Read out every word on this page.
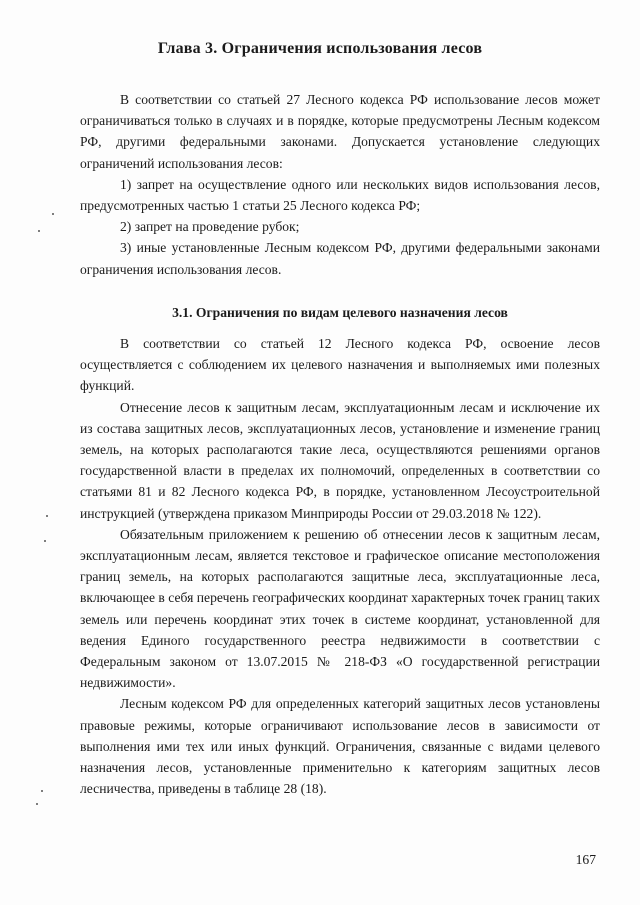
Глава 3. Ограничения использования лесов

В соответствии со статьей 27 Лесного кодекса РФ использование лесов может ограничиваться только в случаях и в порядке, которые предусмотрены Лесным кодексом РФ, другими федеральными законами. Допускается установление следующих ограничений использования лесов:

1) запрет на осуществление одного или нескольких видов использования лесов, предусмотренных частью 1 статьи 25 Лесного кодекса РФ;

2) запрет на проведение рубок;

3) иные установленные Лесным кодексом РФ, другими федеральными законами ограничения использования лесов.

3.1. Ограничения по видам целевого назначения лесов

В соответствии со статьей 12 Лесного кодекса РФ, освоение лесов осуществляется с соблюдением их целевого назначения и выполняемых ими полезных функций.

Отнесение лесов к защитным лесам, эксплуатационным лесам и исключение их из состава защитных лесов, эксплуатационных лесов, установление и изменение границ земель, на которых располагаются такие леса, осуществляются решениями органов государственной власти в пределах их полномочий, определенных в соответствии со статьями 81 и 82 Лесного кодекса РФ, в порядке, установленном Лесоустроительной инструкцией (утверждена приказом Минприроды России от 29.03.2018 № 122).

Обязательным приложением к решению об отнесении лесов к защитным лесам, эксплуатационным лесам, является текстовое и графическое описание местоположения границ земель, на которых располагаются защитные леса, эксплуатационные леса, включающее в себя перечень географических координат характерных точек границ таких земель или перечень координат этих точек в системе координат, установленной для ведения Единого государственного реестра недвижимости в соответствии с Федеральным законом от 13.07.2015 № 218-ФЗ «О государственной регистрации недвижимости».

Лесным кодексом РФ для определенных категорий защитных лесов установлены правовые режимы, которые ограничивают использование лесов в зависимости от выполнения ими тех или иных функций. Ограничения, связанные с видами целевого назначения лесов, установленные применительно к категориям защитных лесов лесничества, приведены в таблице 28 (18).

167
